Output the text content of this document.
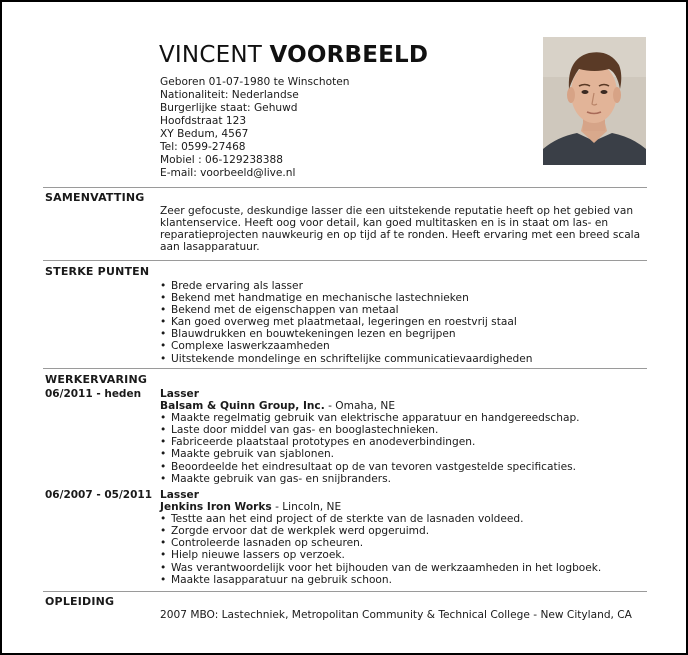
VINCENT VOORBEELD
Geboren 01-07-1980 te Winschoten
Nationaliteit: Nederlandse
Burgerlijke staat: Gehuwd
Hoofdstraat 123
XY Bedum, 4567
Tel: 0599-27468
Mobiel : 06-129238388
E-mail: voorbeeld@live.nl
SAMENVATTING
Zeer gefocuste, deskundige lasser die een uitstekende reputatie heeft op het gebied van klantenservice. Heeft oog voor detail, kan goed multitasken en is in staat om las- en reparatieprojecten nauwkeurig en op tijd af te ronden. Heeft ervaring met een breed scala aan lasapparatuur.
STERKE PUNTEN
• Brede ervaring als lasser
• Bekend met handmatige en mechanische lastechnieken
• Bekend met de eigenschappen van metaal
• Kan goed overweg met plaatmetaal, legeringen en roestvrij staal
• Blauwdrukken en bouwtekeningen lezen en begrijpen
• Complexe laswerkzaamheden
• Uitstekende mondelinge en schriftelijke communicatievaardigheden
WERKERVARING
06/2011 - heden Lasser
Balsam & Quinn Group, Inc. - Omaha, NE
• Maakte regelmatig gebruik van elektrische apparatuur en handgereedschap.
• Laste door middel van gas- en booglastechnieken.
• Fabriceerde plaatstaal prototypes en anodeverbindingen.
• Maakte gebruik van sjablonen.
• Beoordeelde het eindresultaat op de van tevoren vastgestelde specificaties.
• Maakte gebruik van gas- en snijbranders.
06/2007 - 05/2011 Lasser
Jenkins Iron Works - Lincoln, NE
• Testte aan het eind project of de sterkte van de lasnaden voldeed.
• Zorgde ervoor dat de werkplek werd opgeruimd.
• Controleerde lasnaden op scheuren.
• Hielp nieuwe lassers op verzoek.
• Was verantwoordelijk voor het bijhouden van de werkzaamheden in het logboek.
• Maakte lasapparatuur na gebruik schoon.
OPLEIDING
2007 MBO: Lastechniek, Metropolitan Community & Technical College - New Cityland, CA
